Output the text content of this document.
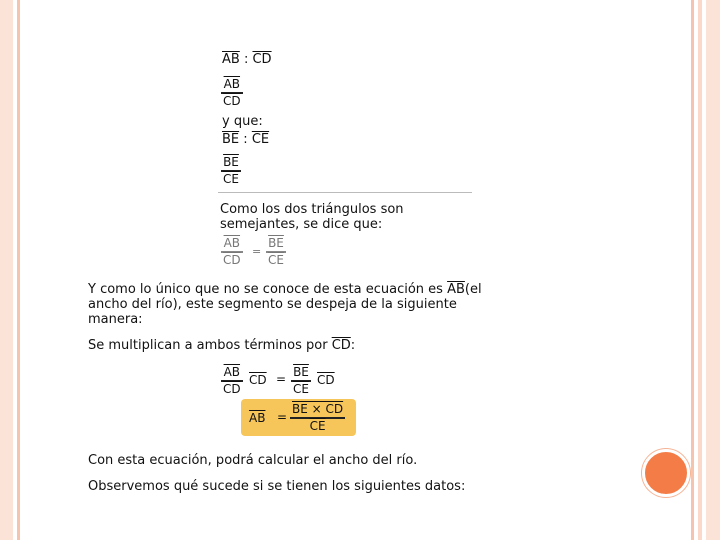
$\overline{AB}$ : $\overline{CD}$
$\frac{\overline{AB}}{CD}$
y que:
$\overline{BE}$ : $\overline{CE}$
$\frac{\overline{BE}}{CE}$
Como los dos triángulos son
semejantes, se dice que:
$\frac{\overline{AB}}{CD} = \frac{\overline{BE}}{CE}$
Y como lo único que no se conoce de esta ecuación es $\overline{AB}(el$
ancho del río), este segmento se despeja de la siguiente
manera:
Se multiplican a ambos términos por $\overline{CD}$:
$\frac{\overline{AB}}{CD} \overline{CD} = \frac{\overline{BE}}{CE} \overline{CD}$
$\overline{AB} = \frac{BE \times CD}{CE}$
Con esta ecuación, podrá calcular el ancho del río.
Observemos qué sucede si se tienen los siguientes datos:
